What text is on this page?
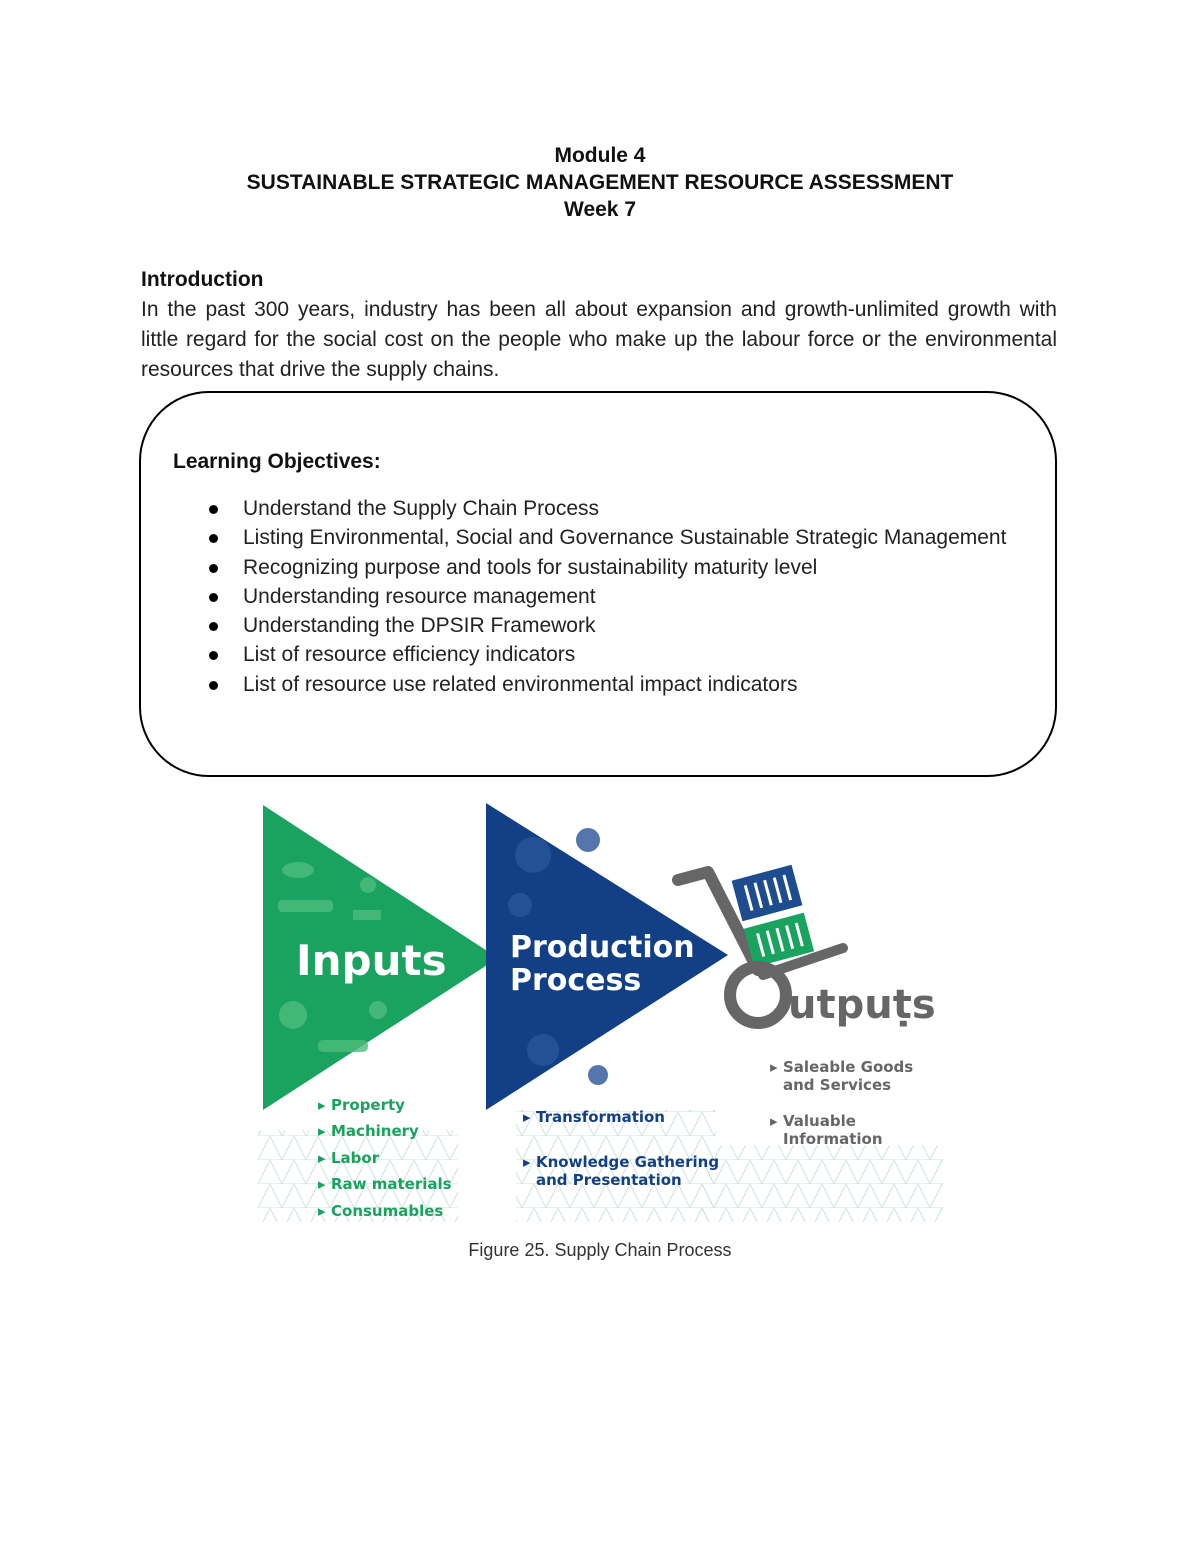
Module 4
SUSTAINABLE STRATEGIC MANAGEMENT RESOURCE ASSESSMENT
Week 7
Introduction
In the past 300 years, industry has been all about expansion and growth-unlimited growth with little regard for the social cost on the people who make up the labour force or the environmental resources that drive the supply chains.
Learning Objectives:
Understand the Supply Chain Process
Listing Environmental, Social and Governance Sustainable Strategic Management
Recognizing purpose and tools for sustainability maturity level
Understanding resource management
Understanding the DPSIR Framework
List of resource efficiency indicators
List of resource use related environmental impact indicators
Inputs Production
Process
utpuṭs
▸ Property
▸ Machinery
▸ Labor
▸ Raw materials
▸ Consumables
▸ Transformation
▸ Knowledge Gathering
and Presentation
▸ Saleable Goods
and Services
▸ Valuable
Information
Figure 25. Supply Chain Process
